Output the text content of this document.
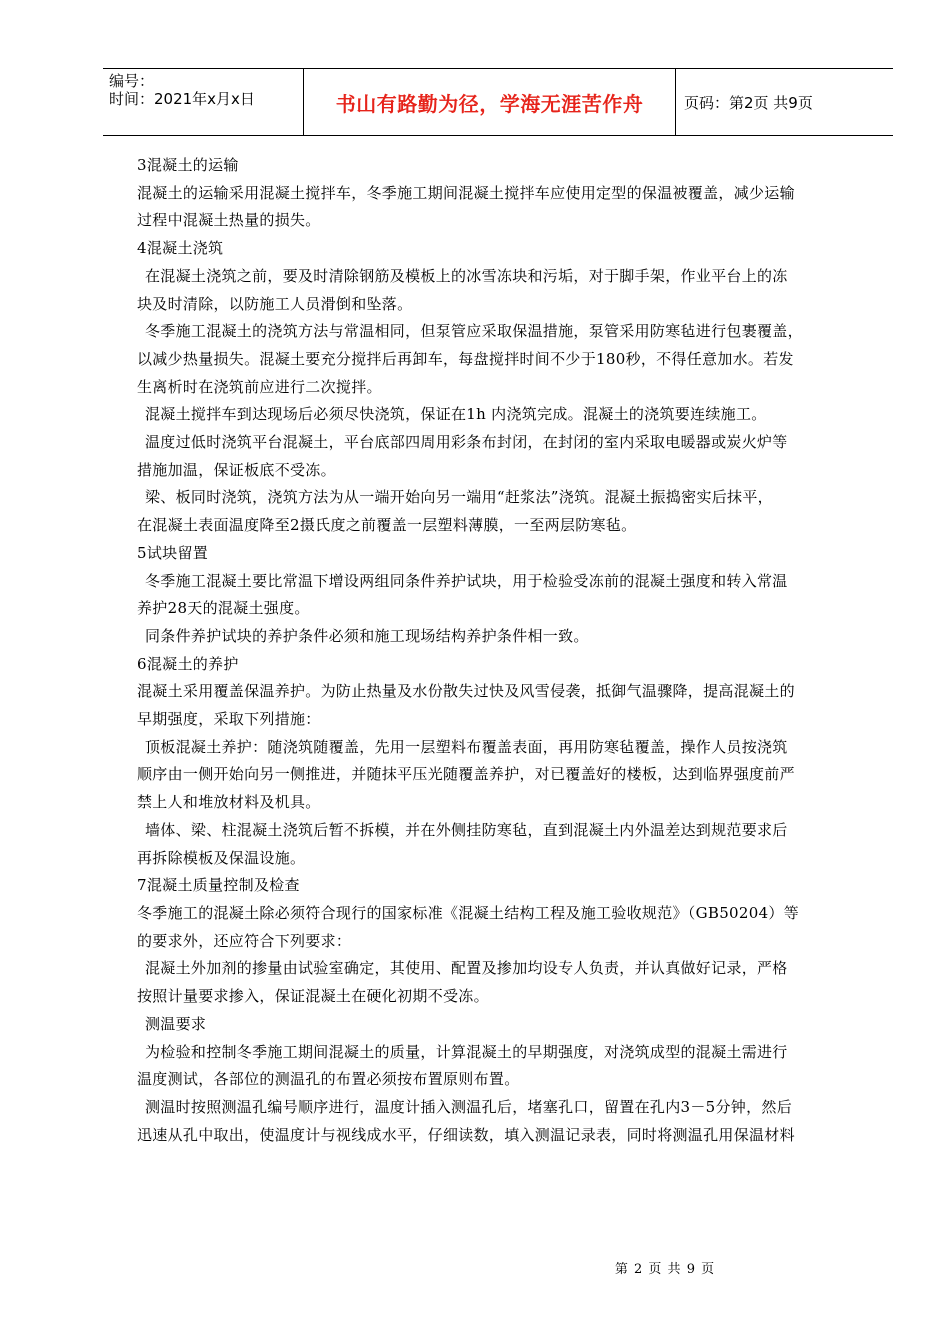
编号：
时间：2021年x月x日	书山有路勤为径，学海无涯苦作舟	页码：第2页 共9页
3混凝土的运输
混凝土的运输采用混凝土搅拌车，冬季施工期间混凝土搅拌车应使用定型的保温被覆盖，减少运输
过程中混凝土热量的损失。
4混凝土浇筑
在混凝土浇筑之前，要及时清除钢筋及模板上的冰雪冻块和污垢，对于脚手架，作业平台上的冻
块及时清除，以防施工人员滑倒和坠落。
冬季施工混凝土的浇筑方法与常温相同，但泵管应采取保温措施，泵管采用防寒毡进行包裹覆盖，
以减少热量损失。混凝土要充分搅拌后再卸车，每盘搅拌时间不少于180秒，不得任意加水。若发
生离析时在浇筑前应进行二次搅拌。
混凝土搅拌车到达现场后必须尽快浇筑，保证在1h 内浇筑完成。混凝土的浇筑要连续施工。
温度过低时浇筑平台混凝土，平台底部四周用彩条布封闭，在封闭的室内采取电暖器或炭火炉等
措施加温，保证板底不受冻。
梁、板同时浇筑，浇筑方法为从一端开始向另一端用“赶浆法”浇筑。混凝土振捣密实后抹平，
在混凝土表面温度降至2摄氏度之前覆盖一层塑料薄膜，一至两层防寒毡。
5试块留置
冬季施工混凝土要比常温下增设两组同条件养护试块，用于检验受冻前的混凝土强度和转入常温
养护28天的混凝土强度。
同条件养护试块的养护条件必须和施工现场结构养护条件相一致。
6混凝土的养护
混凝土采用覆盖保温养护。为防止热量及水份散失过快及风雪侵袭，抵御气温骤降，提高混凝土的
早期强度，采取下列措施：
顶板混凝土养护：随浇筑随覆盖，先用一层塑料布覆盖表面，再用防寒毡覆盖，操作人员按浇筑
顺序由一侧开始向另一侧推进，并随抹平压光随覆盖养护，对已覆盖好的楼板，达到临界强度前严
禁上人和堆放材料及机具。
墙体、梁、柱混凝土浇筑后暂不拆模，并在外侧挂防寒毡，直到混凝土内外温差达到规范要求后
再拆除模板及保温设施。
7混凝土质量控制及检查
冬季施工的混凝土除必须符合现行的国家标准《混凝土结构工程及施工验收规范》（GB50204）等
的要求外，还应符合下列要求：
混凝土外加剂的掺量由试验室确定，其使用、配置及掺加均设专人负责，并认真做好记录，严格
按照计量要求掺入，保证混凝土在硬化初期不受冻。
测温要求
为检验和控制冬季施工期间混凝土的质量，计算混凝土的早期强度，对浇筑成型的混凝土需进行
温度测试，各部位的测温孔的布置必须按布置原则布置。
测温时按照测温孔编号顺序进行，温度计插入测温孔后，堵塞孔口，留置在孔内3－5分钟，然后
迅速从孔中取出，使温度计与视线成水平，仔细读数，填入测温记录表，同时将测温孔用保温材料
第 2 页 共 9 页
